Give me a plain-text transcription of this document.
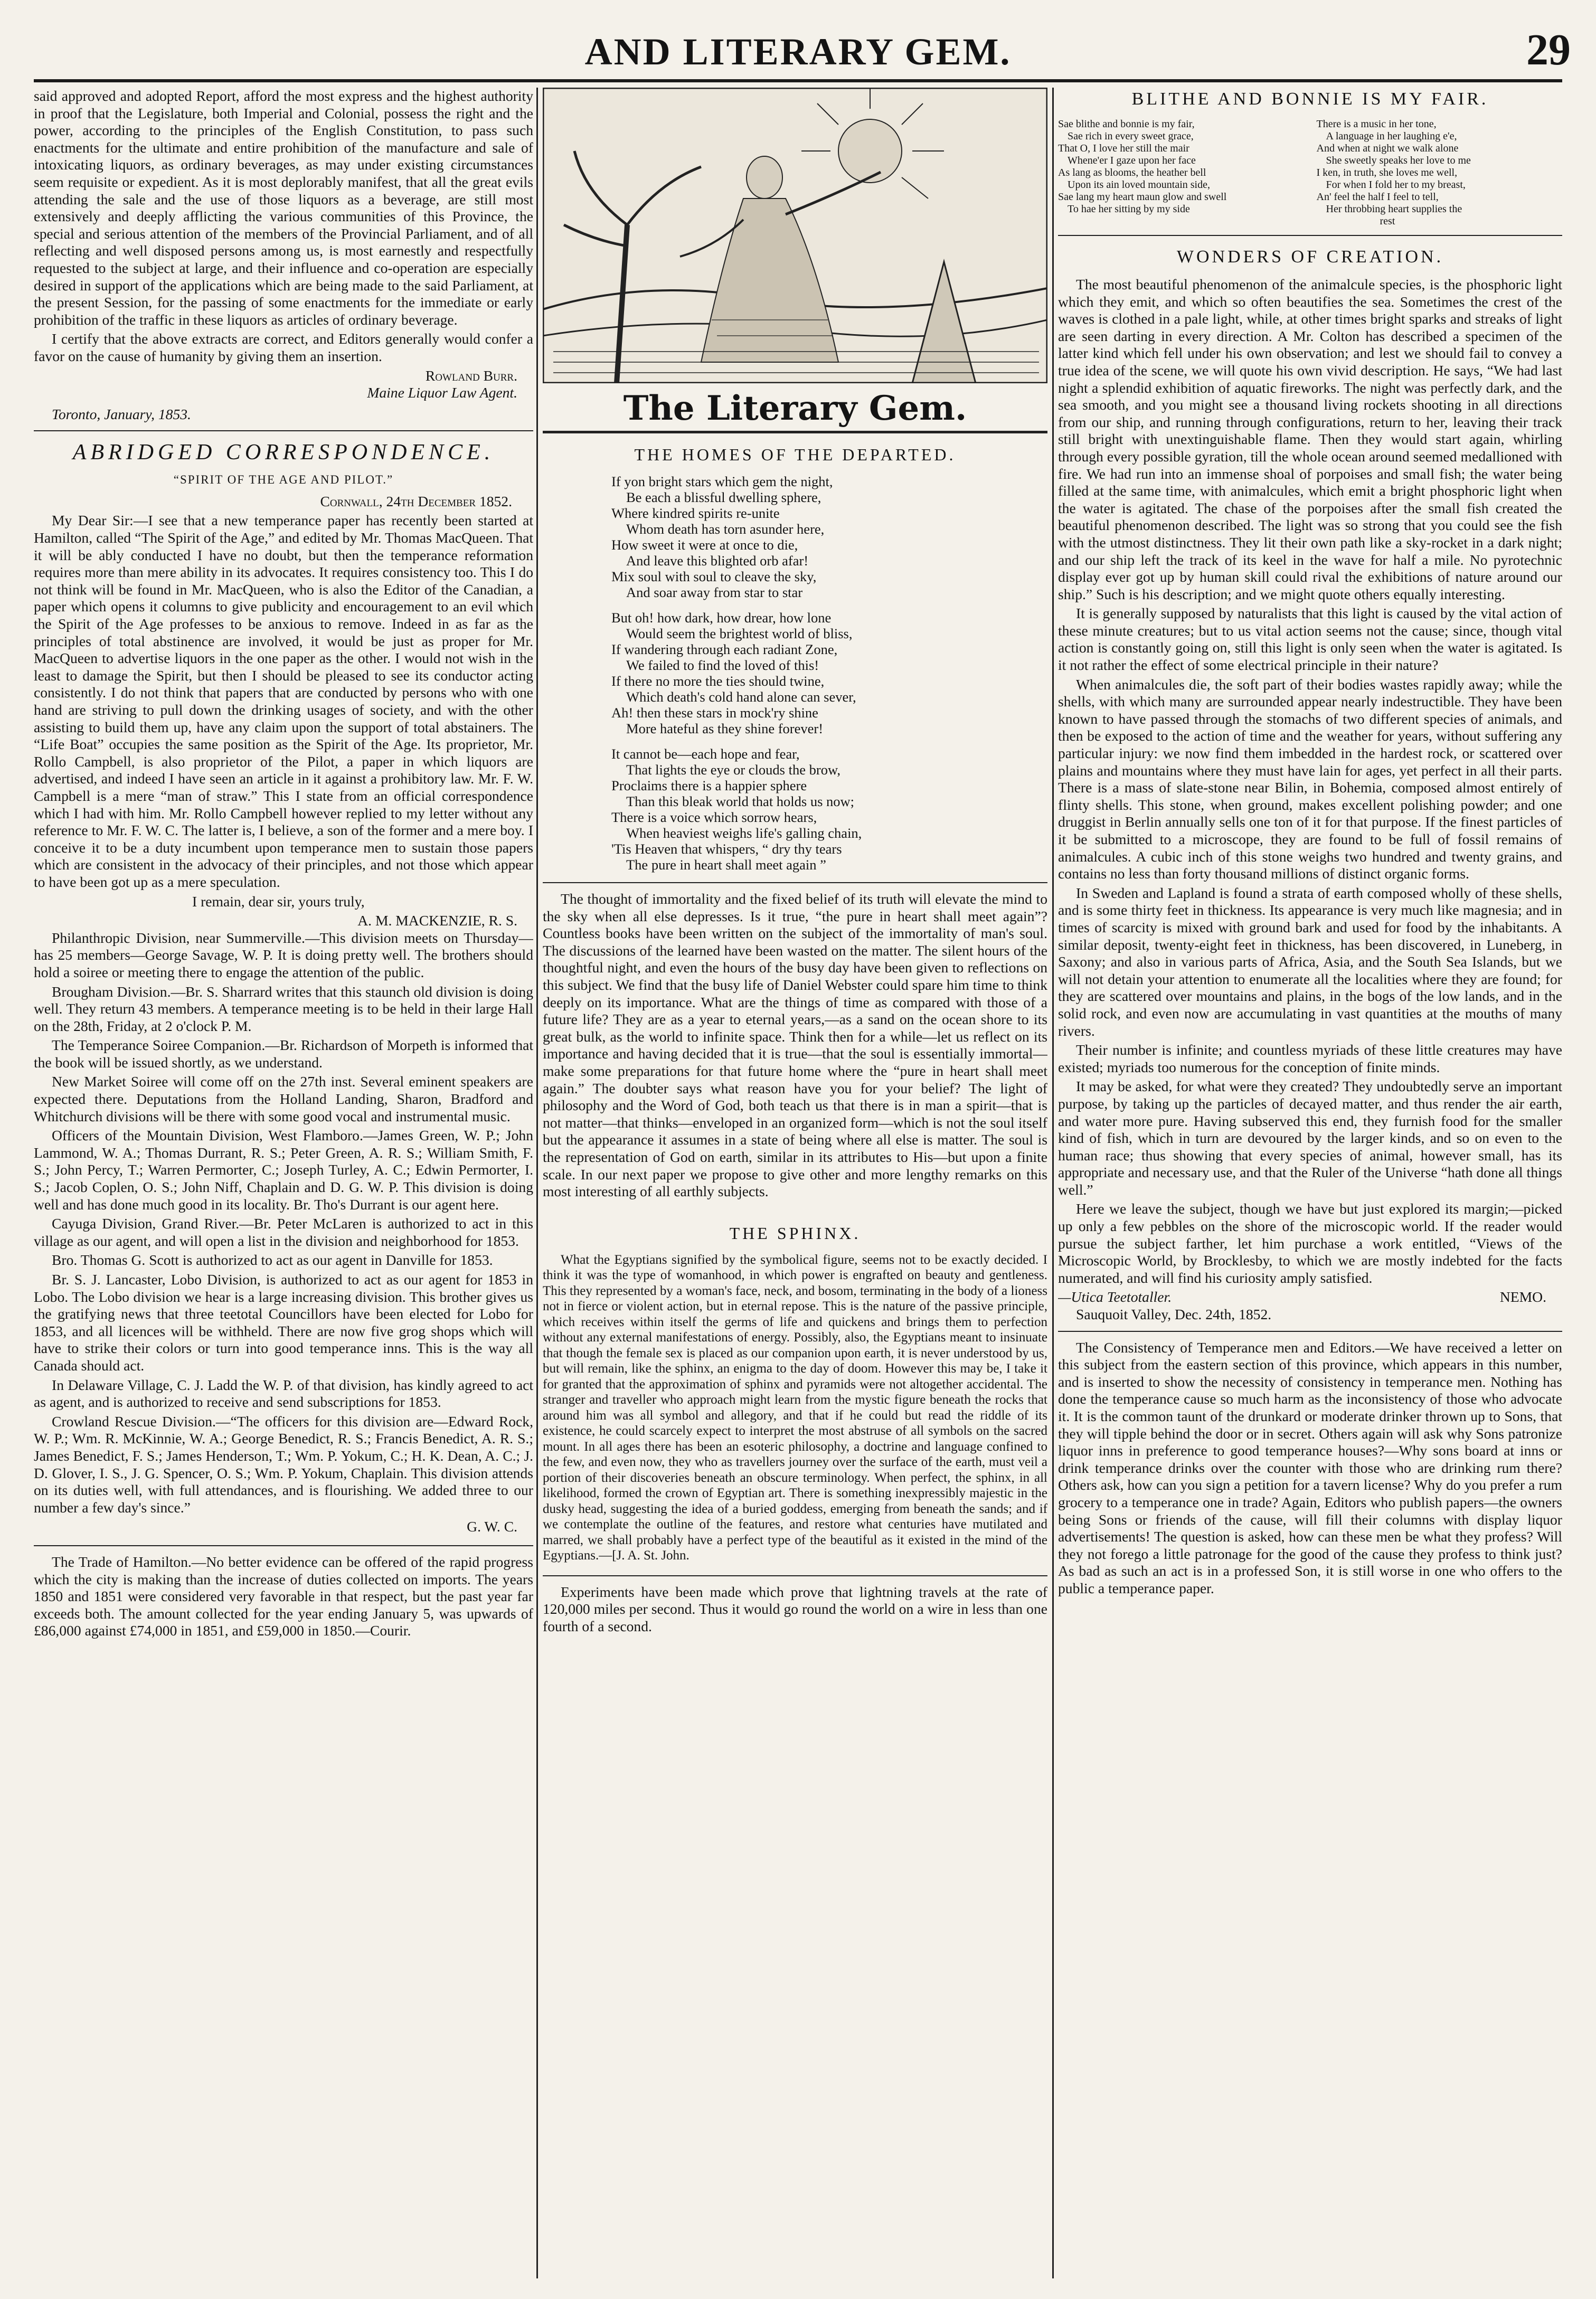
AND LITERARY GEM.	29

said approved and adopted Report, afford the most express and the highest authority in proof that the Legislature, both Imperial and Colonial, possess the right and the power, according to the principles of the English Constitution, to pass such enactments for the ultimate and entire prohibition of the manufacture and sale of intoxicating liquors, as ordinary beverages, as may under existing circumstances seem requisite or expedient. As it is most deplorably manifest, that all the great evils attending the sale and the use of those liquors as a beverage, are still most extensively and deeply afflicting the various communities of this Province, the special and serious attention of the members of the Provincial Parliament, and of all reflecting and well disposed persons among us, is most earnestly and respectfully requested to the subject at large, and their influence and co-operation are especially desired in support of the applications which are being made to the said Parliament, at the present Session, for the passing of some enactments for the immediate or early prohibition of the traffic in these liquors as articles of ordinary beverage.

I certify that the above extracts are correct, and Editors generally would confer a favor on the cause of humanity by giving them an insertion.

Rowland Burr.

Maine Liquor Law Agent.

Toronto, January, 1853.

ABRIDGED CORRESPONDENCE.
“SPIRIT OF THE AGE AND PILOT.”

Cornwall, 24th December 1852.

My Dear Sir:—I see that a new temperance paper has recently been started at Hamilton, called “The Spirit of the Age,” and edited by Mr. Thomas MacQueen. That it will be ably conducted I have no doubt, but then the temperance reformation requires more than mere ability in its advocates. It requires consistency too. This I do not think will be found in Mr. MacQueen, who is also the Editor of the Canadian, a paper which opens it columns to give publicity and encouragement to an evil which the Spirit of the Age professes to be anxious to remove. Indeed in as far as the principles of total abstinence are involved, it would be just as proper for Mr. MacQueen to advertise liquors in the one paper as the other. I would not wish in the least to damage the Spirit, but then I should be pleased to see its conductor acting consistently. I do not think that papers that are conducted by persons who with one hand are striving to pull down the drinking usages of society, and with the other assisting to build them up, have any claim upon the support of total abstainers. The “Life Boat” occupies the same position as the Spirit of the Age. Its proprietor, Mr. Rollo Campbell, is also proprietor of the Pilot, a paper in which liquors are advertised, and indeed I have seen an article in it against a prohibitory law. Mr. F. W. Campbell is a mere “man of straw.” This I state from an official correspondence which I had with him. Mr. Rollo Campbell however replied to my letter without any reference to Mr. F. W. C. The latter is, I believe, a son of the former and a mere boy. I conceive it to be a duty incumbent upon temperance men to sustain those papers which are consistent in the advocacy of their principles, and not those which appear to have been got up as a mere speculation.

I remain, dear sir, yours truly,

A. M. MACKENZIE, R. S.

Philanthropic Division, near Summerville.—This division meets on Thursday—has 25 members—George Savage, W. P. It is doing pretty well. The brothers should hold a soiree or meeting there to engage the attention of the public.

Brougham Division.—Br. S. Sharrard writes that this staunch old division is doing well. They return 43 members. A temperance meeting is to be held in their large Hall on the 28th, Friday, at 2 o'clock P. M.

The Temperance Soiree Companion.—Br. Richardson of Morpeth is informed that the book will be issued shortly, as we understand.

New Market Soiree will come off on the 27th inst. Several eminent speakers are expected there. Deputations from the Holland Landing, Sharon, Bradford and Whitchurch divisions will be there with some good vocal and instrumental music.

Officers of the Mountain Division, West Flamboro.—James Green, W. P.; John Lammond, W. A.; Thomas Durrant, R. S.; Peter Green, A. R. S.; William Smith, F. S.; John Percy, T.; Warren Permorter, C.; Joseph Turley, A. C.; Edwin Permorter, I. S.; Jacob Coplen, O. S.; John Niff, Chaplain and D. G. W. P. This division is doing well and has done much good in its locality. Br. Tho's Durrant is our agent here.

Cayuga Division, Grand River.—Br. Peter McLaren is authorized to act in this village as our agent, and will open a list in the division and neighborhood for 1853.

Bro. Thomas G. Scott is authorized to act as our agent in Danville for 1853.

Br. S. J. Lancaster, Lobo Division, is authorized to act as our agent for 1853 in Lobo. The Lobo division we hear is a large increasing division. This brother gives us the gratifying news that three teetotal Councillors have been elected for Lobo for 1853, and all licences will be withheld. There are now five grog shops which will have to strike their colors or turn into good temperance inns. This is the way all Canada should act.

In Delaware Village, C. J. Ladd the W. P. of that division, has kindly agreed to act as agent, and is authorized to receive and send subscriptions for 1853.

Crowland Rescue Division.—“The officers for this division are—Edward Rock, W. P.; Wm. R. McKinnie, W. A.; George Benedict, R. S.; Francis Benedict, A. R. S.; James Benedict, F. S.; James Henderson, T.; Wm. P. Yokum, C.; H. K. Dean, A. C.; J. D. Glover, I. S., J. G. Spencer, O. S.; Wm. P. Yokum, Chaplain. This division attends on its duties well, with full attendances, and is flourishing. We added three to our number a few day's since.”

G. W. C.

The Trade of Hamilton.—No better evidence can be offered of the rapid progress which the city is making than the increase of duties collected on imports. The years 1850 and 1851 were considered very favorable in that respect, but the past year far exceeds both. The amount collected for the year ending January 5, was upwards of £86,000 against £74,000 in 1851, and £59,000 in 1850.—Courir.

The Literary Gem.
THE HOMES OF THE DEPARTED.
If yon bright stars which gem the night,
Be each a blissful dwelling sphere,
Where kindred spirits re-unite
Whom death has torn asunder here,
How sweet it were at once to die,
And leave this blighted orb afar!
Mix soul with soul to cleave the sky,
And soar away from star to star
But oh! how dark, how drear, how lone
Would seem the brightest world of bliss,
If wandering through each radiant Zone,
We failed to find the loved of this!
If there no more the ties should twine,
Which death's cold hand alone can sever,
Ah! then these stars in mock'ry shine
More hateful as they shine forever!
It cannot be—each hope and fear,
That lights the eye or clouds the brow,
Proclaims there is a happier sphere
Than this bleak world that holds us now;
There is a voice which sorrow hears,
When heaviest weighs life's galling chain,
'Tis Heaven that whispers, “ dry thy tears
The pure in heart shall meet again ”

The thought of immortality and the fixed belief of its truth will elevate the mind to the sky when all else depresses. Is it true, “the pure in heart shall meet again”? Countless books have been written on the subject of the immortality of man's soul. The discussions of the learned have been wasted on the matter. The silent hours of the thoughtful night, and even the hours of the busy day have been given to reflections on this subject. We find that the busy life of Daniel Webster could spare him time to think deeply on its importance. What are the things of time as compared with those of a future life? They are as a year to eternal years,—as a sand on the ocean shore to its great bulk, as the world to infinite space. Think then for a while—let us reflect on its importance and having decided that it is true—that the soul is essentially immortal—make some preparations for that future home where the “pure in heart shall meet again.” The doubter says what reason have you for your belief? The light of philosophy and the Word of God, both teach us that there is in man a spirit—that is not matter—that thinks—enveloped in an organized form—which is not the soul itself but the appearance it assumes in a state of being where all else is matter. The soul is the representation of God on earth, similar in its attributes to His—but upon a finite scale. In our next paper we propose to give other and more lengthy remarks on this most interesting of all earthly subjects.

THE SPHINX.

What the Egyptians signified by the symbolical figure, seems not to be exactly decided. I think it was the type of womanhood, in which power is engrafted on beauty and gentleness. This they represented by a woman's face, neck, and bosom, terminating in the body of a lioness not in fierce or violent action, but in eternal repose. This is the nature of the passive principle, which receives within itself the germs of life and quickens and brings them to perfection without any external manifestations of energy. Possibly, also, the Egyptians meant to insinuate that though the female sex is placed as our companion upon earth, it is never understood by us, but will remain, like the sphinx, an enigma to the day of doom. However this may be, I take it for granted that the approximation of sphinx and pyramids were not altogether accidental. The stranger and traveller who approach might learn from the mystic figure beneath the rocks that around him was all symbol and allegory, and that if he could but read the riddle of its existence, he could scarcely expect to interpret the most abstruse of all symbols on the sacred mount. In all ages there has been an esoteric philosophy, a doctrine and language confined to the few, and even now, they who as travellers journey over the surface of the earth, must veil a portion of their discoveries beneath an obscure terminology. When perfect, the sphinx, in all likelihood, formed the crown of Egyptian art. There is something inexpressibly majestic in the dusky head, suggesting the idea of a buried goddess, emerging from beneath the sands; and if we contemplate the outline of the features, and restore what centuries have mutilated and marred, we shall probably have a perfect type of the beautiful as it existed in the mind of the Egyptians.—[J. A. St. John.

Experiments have been made which prove that lightning travels at the rate of 120,000 miles per second. Thus it would go round the world on a wire in less than one fourth of a second.

BLITHE AND BONNIE IS MY FAIR.
Sae blithe and bonnie is my fair,
Sae rich in every sweet grace,
That O, I love her still the mair
Whene'er I gaze upon her face
As lang as blooms, the heather bell
Upon its ain loved mountain side,
Sae lang my heart maun glow and swell
To hae her sitting by my side
There is a music in her tone,
A language in her laughing e'e,
And when at night we walk alone
She sweetly speaks her love to me
I ken, in truth, she loves me well,
For when I fold her to my breast,
An' feel the half I feel to tell,
Her throbbing heart supplies the
rest
WONDERS OF CREATION.

The most beautiful phenomenon of the animalcule species, is the phosphoric light which they emit, and which so often beautifies the sea. Sometimes the crest of the waves is clothed in a pale light, while, at other times bright sparks and streaks of light are seen darting in every direction. A Mr. Colton has described a specimen of the latter kind which fell under his own observation; and lest we should fail to convey a true idea of the scene, we will quote his own vivid description. He says, “We had last night a splendid exhibition of aquatic fireworks. The night was perfectly dark, and the sea smooth, and you might see a thousand living rockets shooting in all directions from our ship, and running through configurations, return to her, leaving their track still bright with unextinguishable flame. Then they would start again, whirling through every possible gyration, till the whole ocean around seemed medallioned with fire. We had run into an immense shoal of porpoises and small fish; the water being filled at the same time, with animalcules, which emit a bright phosphoric light when the water is agitated. The chase of the porpoises after the small fish created the beautiful phenomenon described. The light was so strong that you could see the fish with the utmost distinctness. They lit their own path like a sky-rocket in a dark night; and our ship left the track of its keel in the wave for half a mile. No pyrotechnic display ever got up by human skill could rival the exhibitions of nature around our ship.” Such is his description; and we might quote others equally interesting.

It is generally supposed by naturalists that this light is caused by the vital action of these minute creatures; but to us vital action seems not the cause; since, though vital action is constantly going on, still this light is only seen when the water is agitated. Is it not rather the effect of some electrical principle in their nature?

When animalcules die, the soft part of their bodies wastes rapidly away; while the shells, with which many are surrounded appear nearly indestructible. They have been known to have passed through the stomachs of two different species of animals, and then be exposed to the action of time and the weather for years, without suffering any particular injury: we now find them imbedded in the hardest rock, or scattered over plains and mountains where they must have lain for ages, yet perfect in all their parts. There is a mass of slate-stone near Bilin, in Bohemia, composed almost entirely of flinty shells. This stone, when ground, makes excellent polishing powder; and one druggist in Berlin annually sells one ton of it for that purpose. If the finest particles of it be submitted to a microscope, they are found to be full of fossil remains of animalcules. A cubic inch of this stone weighs two hundred and twenty grains, and contains no less than forty thousand millions of distinct organic forms.

In Sweden and Lapland is found a strata of earth composed wholly of these shells, and is some thirty feet in thickness. Its appearance is very much like magnesia; and in times of scarcity is mixed with ground bark and used for food by the inhabitants. A similar deposit, twenty-eight feet in thickness, has been discovered, in Luneberg, in Saxony; and also in various parts of Africa, Asia, and the South Sea Islands, but we will not detain your attention to enumerate all the localities where they are found; for they are scattered over mountains and plains, in the bogs of the low lands, and in the solid rock, and even now are accumulating in vast quantities at the mouths of many rivers.

Their number is infinite; and countless myriads of these little creatures may have existed; myriads too numerous for the conception of finite minds.

It may be asked, for what were they created? They undoubtedly serve an important purpose, by taking up the particles of decayed matter, and thus render the air earth, and water more pure. Having subserved this end, they furnish food for the smaller kind of fish, which in turn are devoured by the larger kinds, and so on even to the human race; thus showing that every species of animal, however small, has its appropriate and necessary use, and that the Ruler of the Universe “hath done all things well.”

Here we leave the subject, though we have but just explored its margin;—picked up only a few pebbles on the shore of the microscopic world. If the reader would pursue the subject farther, let him purchase a work entitled, “Views of the Microscopic World, by Brocklesby, to which we are mostly indebted for the facts numerated, and will find his curiosity amply satisfied.

—Utica Teetotaller.	NEMO.

Sauquoit Valley, Dec. 24th, 1852.

The Consistency of Temperance men and Editors.—We have received a letter on this subject from the eastern section of this province, which appears in this number, and is inserted to show the necessity of consistency in temperance men. Nothing has done the temperance cause so much harm as the inconsistency of those who advocate it. It is the common taunt of the drunkard or moderate drinker thrown up to Sons, that they will tipple behind the door or in secret. Others again will ask why Sons patronize liquor inns in preference to good temperance houses?—Why sons board at inns or drink temperance drinks over the counter with those who are drinking rum there? Others ask, how can you sign a petition for a tavern license? Why do you prefer a rum grocery to a temperance one in trade? Again, Editors who publish papers—the owners being Sons or friends of the cause, will fill their columns with display liquor advertisements! The question is asked, how can these men be what they profess? Will they not forego a little patronage for the good of the cause they profess to think just? As bad as such an act is in a professed Son, it is still worse in one who offers to the public a temperance paper.
